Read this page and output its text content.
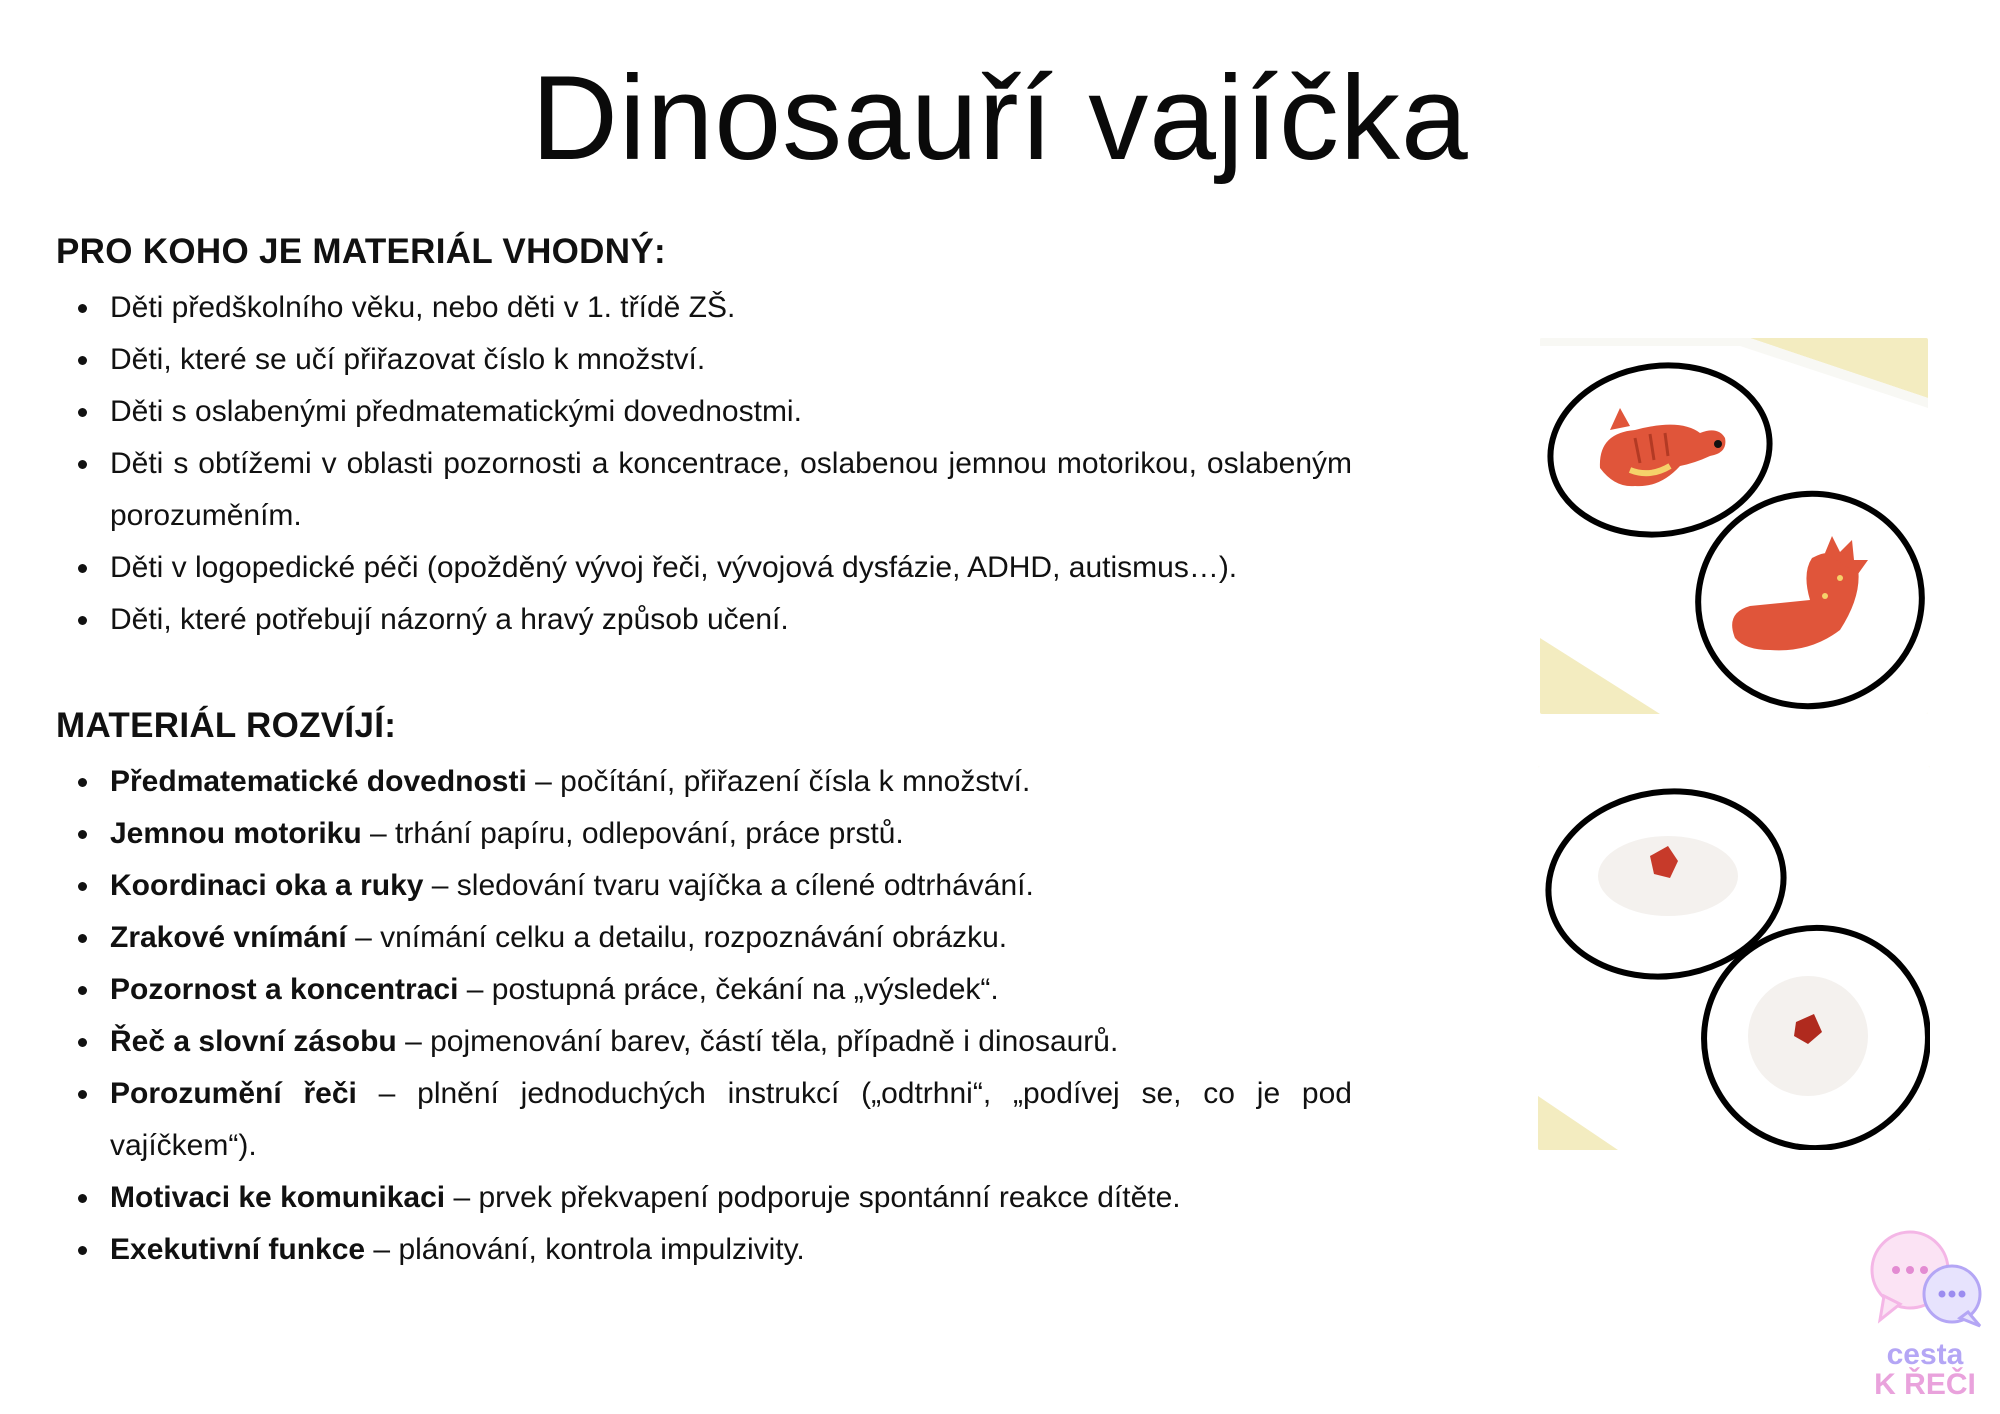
Dinosauří vajíčka
PRO KOHO JE MATERIÁL VHODNÝ:
Děti předškolního věku, nebo děti v 1. třídě ZŠ.
Děti, které se učí přiřazovat číslo k množství.
Děti s oslabenými předmatematickými dovednostmi.
Děti s obtížemi v oblasti pozornosti a koncentrace, oslabenou jemnou motorikou, oslabeným porozuměním.
Děti v logopedické péči (opožděný vývoj řeči, vývojová dysfázie, ADHD, autismus…).
Děti, které potřebují názorný a hravý způsob učení.
MATERIÁL ROZVÍJÍ:
Předmatematické dovednosti – počítání, přiřazení čísla k množství.
Jemnou motoriku – trhání papíru, odlepování, práce prstů.
Koordinaci oka a ruky – sledování tvaru vajíčka a cílené odtrhávání.
Zrakové vnímání – vnímání celku a detailu, rozpoznávání obrázku.
Pozornost a koncentraci – postupná práce, čekání na „výsledek“.
Řeč a slovní zásobu – pojmenování barev, částí těla, případně i dinosaurů.
Porozumění řeči – plnění jednoduchých instrukcí („odtrhni“, „podívej se, co je pod vajíčkem“).
Motivaci ke komunikaci – prvek překvapení podporuje spontánní reakce dítěte.
Exekutivní funkce – plánování, kontrola impulzivity.
cesta
K ŘEČI
